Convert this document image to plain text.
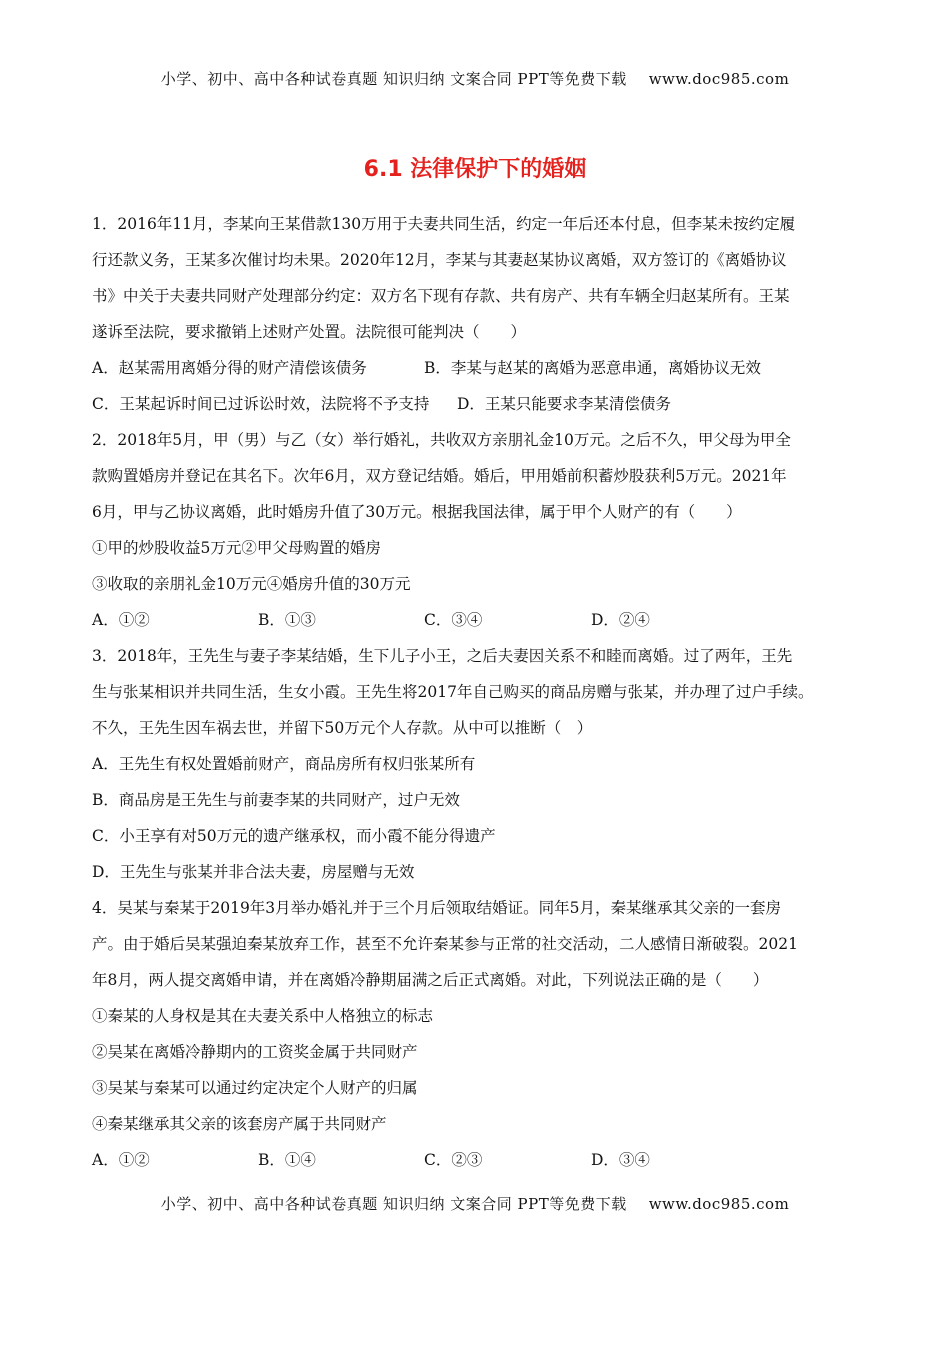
小学、初中、高中各种试卷真题 知识归纳 文案合同 PPT等免费下载 www.doc985.com
6.1 法律保护下的婚姻
1．2016年11月，李某向王某借款130万用于夫妻共同生活，约定一年后还本付息，但李某未按约定履
行还款义务，王某多次催讨均未果。2020年12月，李某与其妻赵某协议离婚，双方签订的《离婚协议
书》中关于夫妻共同财产处理部分约定：双方名下现有存款、共有房产、共有车辆全归赵某所有。王某
遂诉至法院，要求撤销上述财产处置。法院很可能判决（　　）
A．赵某需用离婚分得的财产清偿该债务	B．李某与赵某的离婚为恶意串通，离婚协议无效
C．王某起诉时间已过诉讼时效，法院将不予支持 D．王某只能要求李某清偿债务
2．2018年5月，甲（男）与乙（女）举行婚礼，共收双方亲朋礼金10万元。之后不久，甲父母为甲全
款购置婚房并登记在其名下。次年6月，双方登记结婚。婚后，甲用婚前积蓄炒股获利5万元。2021年
6月，甲与乙协议离婚，此时婚房升值了30万元。根据我国法律，属于甲个人财产的有（　　）
①甲的炒股收益5万元②甲父母购置的婚房
③收取的亲朋礼金10万元④婚房升值的30万元
A．①②	B．①③	C．③④	D．②④
3．2018年，王先生与妻子李某结婚，生下儿子小王，之后夫妻因关系不和睦而离婚。过了两年，王先
生与张某相识并共同生活，生女小霞。王先生将2017年自己购买的商品房赠与张某，并办理了过户手续。
不久，王先生因车祸去世，并留下50万元个人存款。从中可以推断（　）
A．王先生有权处置婚前财产，商品房所有权归张某所有
B．商品房是王先生与前妻李某的共同财产，过户无效
C．小王享有对50万元的遗产继承权，而小霞不能分得遗产
D．王先生与张某并非合法夫妻，房屋赠与无效
4．吴某与秦某于2019年3月举办婚礼并于三个月后领取结婚证。同年5月，秦某继承其父亲的一套房
产。由于婚后吴某强迫秦某放弃工作，甚至不允许秦某参与正常的社交活动，二人感情日渐破裂。2021
年8月，两人提交离婚申请，并在离婚冷静期届满之后正式离婚。对此，下列说法正确的是（　　）
①秦某的人身权是其在夫妻关系中人格独立的标志
②吴某在离婚冷静期内的工资奖金属于共同财产
③吴某与秦某可以通过约定决定个人财产的归属
④秦某继承其父亲的该套房产属于共同财产
A．①②	B．①④	C．②③	D．③④
小学、初中、高中各种试卷真题 知识归纳 文案合同 PPT等免费下载 www.doc985.com
